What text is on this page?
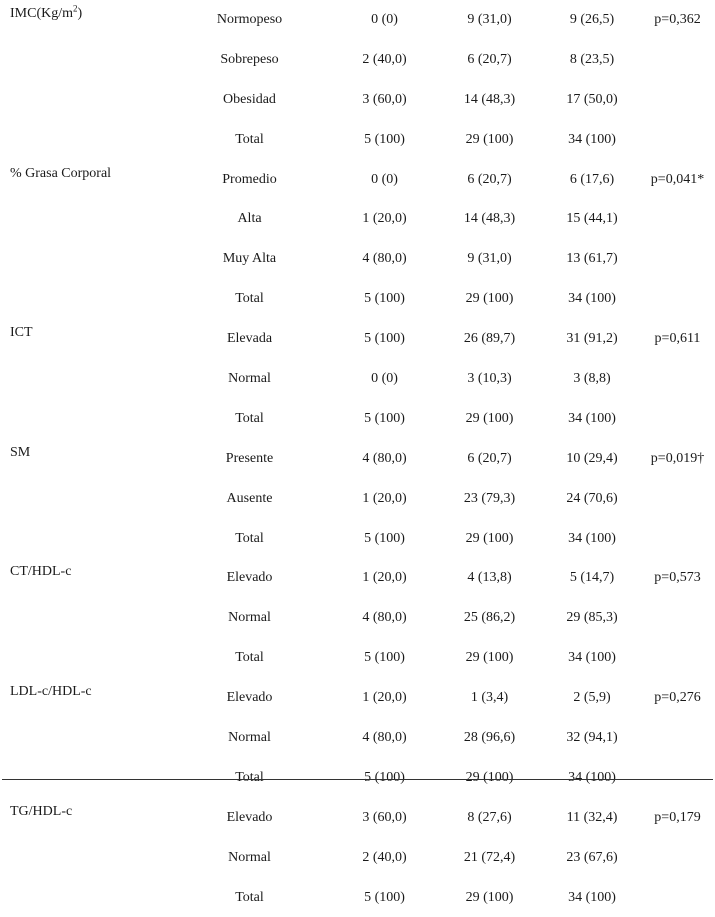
$IMC(Kg/m^2)$	Normopeso	0 (0)	9 (31,0)	9 (26,5)	p=0,362
	Sobrepeso	2 (40,0)	6 (20,7)	8 (23,5)	
	Obesidad	3 (60,0)	14 (48,3)	17 (50,0)	
	Total	5 (100)	29 (100)	34 (100)	
% Grasa Corporal	Promedio	0 (0)	6 (20,7)	6 (17,6)	p=0,041*
	Alta	1 (20,0)	14 (48,3)	15 (44,1)	
	Muy Alta	4 (80,0)	9 (31,0)	13 (61,7)	
	Total	5 (100)	29 (100)	34 (100)	
ICT	Elevada	5 (100)	26 (89,7)	31 (91,2)	p=0,611
	Normal	0 (0)	3 (10,3)	3 (8,8)	
	Total	5 (100)	29 (100)	34 (100)	
SM	Presente	4 (80,0)	6 (20,7)	10 (29,4)	p=0,019†
	Ausente	1 (20,0)	23 (79,3)	24 (70,6)	
	Total	5 (100)	29 (100)	34 (100)	
CT/HDL-c	Elevado	1 (20,0)	4 (13,8)	5 (14,7)	p=0,573
	Normal	4 (80,0)	25 (86,2)	29 (85,3)	
	Total	5 (100)	29 (100)	34 (100)	
LDL-c/HDL-c	Elevado	1 (20,0)	1 (3,4)	2 (5,9)	p=0,276
	Normal	4 (80,0)	28 (96,6)	32 (94,1)	
	Total	5 (100)	29 (100)	34 (100)	
TG/HDL-c	Elevado	3 (60,0)	8 (27,6)	11 (32,4)	p=0,179
	Normal	2 (40,0)	21 (72,4)	23 (67,6)	
	Total	5 (100)	29 (100)	34 (100)	
